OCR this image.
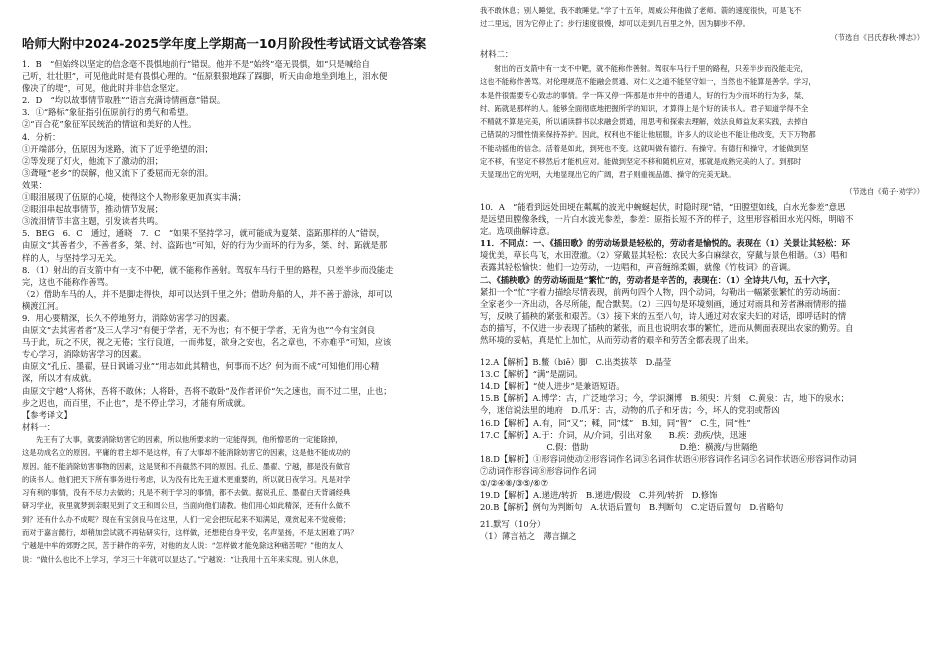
哈师大附中2024-2025学年度上学期高一10月阶段性考试语文试卷答案

1．B　“但始终以坚定的信念毫不畏惧地前行”错误。他并不是“始终”毫无畏惧，如“只是喊给自

己听，壮壮胆”，可见他此时是有畏惧心理的。“伍原狠狠地踩了踩脚，听天由命地坐到地上，泪水便

像决了的堤”，可见，他此时并非信念坚定。

2．D　“均以故事情节取胜”“语言充满诗情画意”错误。

3．①“路标”象征指引伍原前行的勇气和希望。

②“百合花”象征军民统治的情谊和美好的人性。

4．分析：

①开端部分，伍原因为迷路，流下了近乎绝望的泪；

②等发现了灯火，他流下了激动的泪；

③聋哑“老乡”的误解，他又流下了委屈而无奈的泪。

效果：

①眼泪展现了伍原的心境，使得这个人物形象更加真实丰满；

②眼泪串起故事情节，推动情节发展；

③流泪情节丰富主题，引发读者共鸣。

5．BEG　6．C　通过，通晓　7．C　“如果不坚持学习，就可能成为夏桀、盗跖那样的人”错误，

由原文“其善者少，不善者多，桀、纣、盗跖也”可知，好的行为少而坏的行为多，桀、纣、跖就是那

样的人，与坚持学习无关。

8．（1）射出的百支箭中有一支不中靶，就不能称作善射。驾驭车马行千里的路程，只差半步而没能走

完，这也不能称作善骂。

（2）借助车马的人，并不是脚走得快，却可以达到千里之外；借助舟船的人，并不善于游泳，却可以

横渡江河。

9．用心要精深，长久不停地努力，消除妨害学习的因素。

由原文“去其害者者”及三人学习“有便于学者，无不为也；有不便于学者，无肯为也”“今有宝剑良

马于此，玩之不厌，视之无倦；宝行良道，一而弗复，欲身之安也，名之章也，不亦难乎”可知，应该

专心学习，消除妨害学习的因素。

由原文“孔丘、墨翟，昼日讽诵习业”“用志如此其精也，何事而不达？何为而不成”可知他们用心精

深，所以才有成就。

由原文宁越“人将休，吾将不敢休；人将卧，吾将不敢卧”及作者评价“矢之速也，而不过二里，止也；

步之迟也，而百里，不止也”，是不停止学习，才能有所成就。

【参考译文】

材料一：

先王有了大事，就要消除妨害它的因素，所以他所要求的一定能得到，他所憎恶的一定能除掉，

这是功成名立的原因。平庸的君主却不是这样，有了大事却不能消除妨害它的因素，这是他不能成功的

原因。能不能消除妨害事物的因素，这是贤和不肖截然不同的原因。孔丘、墨翟、宁越，都是没有做官

的读书人。他们把天下所有事务进行考虑，认为没有比先王道术更重要的，所以就日夜学习。凡是对学

习有利的事情，没有不尽力去做的；凡是不利于学习的事情，都不去做。据说孔丘、墨翟白天背诵经典

研习学业，夜里就梦到亲眼见到了文王和周公旦，当面向他们请教。他们用心如此精深，还有什么做不

到？还有什么办不成呢？现在有宝剑良马在这里，人们一定会把玩起来不知满足，观赏起来不觉疲倦；

而对于嘉言懿行，却稍加尝试就不再钻研实行，这样做，还想使自身平安，名声显扬，不是太困难了吗？

宁越是中牟的郊野之民，苦于耕作的辛劳，对他的友人说：“怎样做才能免除这种痛苦呢？”他的友人

说：“做什么也比不上学习，学习三十年就可以显达了。”宁越说：“让我用十五年来实现。别人休息，

我不敢休息；别人睡觉，我不敢睡觉。”学了十五年，周威公拜他做了老师。箭的速度很快，可是飞不

过二里远，因为它停止了；步行速度很慢，却可以走到几百里之外，因为脚步不停。

（节选自《吕氏春秋·博志》）

材料二：

射出的百支箭中有一支不中靶，就不能称作善射。驾驭车马行千里的路程，只差半步而没能走完，

这也不能称作善骂。对伦理规范不能融会贯通、对仁义之道不能坚守如一，当然也不能算是善学。学习，

本是件很需要专心致志的事情。学一阵又停一阵那是市井中的普通人，好的行为少而坏的行为多，桀、

纣、跖就是那样的人。能够全面彻底地把握所学的知识，才算得上是个好的读书人。君子知道学得不全

不精就不算是完美，所以诵读群书以求融会贯通，用思考和探索去理解，效法良师益友来实践，去掉自

己错误的习惯性情来保持养护。因此，权利也不能让他屈服，许多人的议论也不能让他改变，天下万物都

不能动摇他的信念。活着是如此，到死也不变。这就叫做有德行、有操守。有德行和操守，才能做到坚

定不移，有坚定不移然后才能机应对。能做到坚定不移和随机应对，那就是成熟完美的人了。到那时

天显现出它的光明，大地显现出它的广阔，君子则重视品德、操守的完美无缺。

（节选自《荀子·劝学》）

10．A　“能看到远处田埂在粼粼的波光中蜿蜒起伏，时隐时现”错，“田膛望如线，白水光参差”意思

是远望田膛像条线，一片白水波光参差，参差：原指长短不齐的样子，这里形容稻田水光闪烁，明暗不

定。选项曲解诗意。

11．不同点：一、《插田歌》的劳动场景是轻松的，劳动者是愉悦的。表现在（1）关景让其轻松：环

境优美，草长鸟飞，水田澄澈。（2）穿戴显其轻松：农民大多白麻绿衣，穿戴与景色相谐。（3）唱和

表露其轻松愉快：他们一边劳动，一边唱和，声音缠绵柔媚，就像《竹枝词》的音调。

二、《插秧歌》的劳动场面是“繁忙”的，劳动者是辛苦的，表现在：（1）全诗共八句，五十六字，

紧扣一个“忙”字着力描绘尽情表现，前两句四个人物，四个动词，勾勒出一幅紧张繁忙的劳动场面：

全家老少一齐出动，各尽所能，配合默契。（2）三四句是环境刻画，通过对雨具和芳者淋雨情形的描

写，反映了插秧的紧张和艰苦。（3）接下来的五至八句，诗人通过对农家夫妇的对话，即呼话时的情

态的描写，不仅进一步表现了插秧的紧张，而且也说明农事的繁忙，进而从侧面表现出农家的勤劳。自

然环境的妥帖，真是忙上加忙，从而劳动者的艰辛和劳苦全都表现了出来。

12.A【解析】B.鳖（biē）脚　C.出类拔萃　D.晶莹

13.C【解析】“满”是副词。

14.D【解析】“使人进步”是兼语短语。

15.B【解析】A.博学：古，广泛地学习；今，学识渊博　B.须臾：片刻　C.黄泉：古，地下的泉水；

今，迷信说法里的地府　D.爪牙：古，动物的爪子和牙齿；今，坏人的党羽或帮凶

16.D【解析】A.有，同“又”；輮，同“煣”　B.知，同“智”　C.生，同“性”

17.C【解析】A.于：介词，从/介词，引出对象　　B.疾：劲疾/快，迅速

　　　　　　　　C.假：借助　　　　　　　　　　　D.绝：横渡/与世隔绝

18.D【解析】①形容词使动②形容词作名词③名词作状语④形容词作名词⑤名词作状语⑥形容词作动词

⑦动词作形容词⑧形容词作名词

①/②④⑧/③⑤/⑥⑦

19.D【解析】A.递进/转折　B.递进/假设　C.并列/转折　D.修饰

20.B【解析】例句为判断句　A.状语后置句　B.判断句　C.定语后置句　D.省略句

21.默写（10分）

（1）薄言袺之　薄言撷之
